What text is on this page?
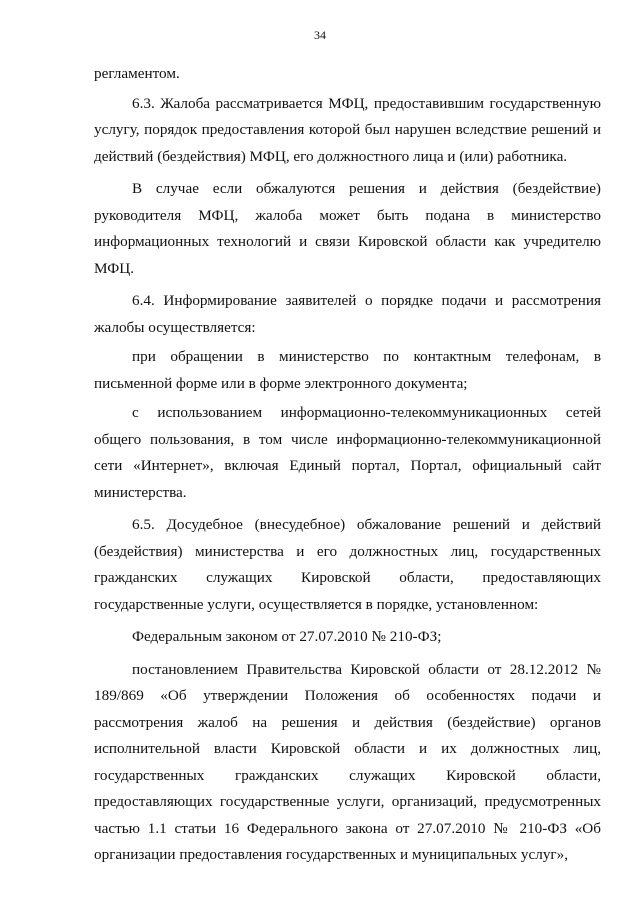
34

регламентом.

6.3. Жалоба рассматривается МФЦ, предоставившим государственную услугу, порядок предоставления которой был нарушен вследствие решений и действий (бездействия) МФЦ, его должностного лица и (или) работника.

В случае если обжалуются решения и действия (бездействие) руководителя МФЦ, жалоба может быть подана в министерство информационных технологий и связи Кировской области как учредителю МФЦ.

6.4. Информирование заявителей о порядке подачи и рассмотрения жалобы осуществляется:

при обращении в министерство по контактным телефонам, в письменной форме или в форме электронного документа;

с использованием информационно-телекоммуникационных сетей общего пользования, в том числе информационно-телекоммуникационной сети «Интернет», включая Единый портал, Портал, официальный сайт министерства.

6.5. Досудебное (внесудебное) обжалование решений и действий (бездействия) министерства и его должностных лиц, государственных гражданских служащих Кировской области, предоставляющих государственные услуги, осуществляется в порядке, установленном:

Федеральным законом от 27.07.2010 № 210-ФЗ;

постановлением Правительства Кировской области от 28.12.2012 № 189/869 «Об утверждении Положения об особенностях подачи и рассмотрения жалоб на решения и действия (бездействие) органов исполнительной власти Кировской области и их должностных лиц, государственных гражданских служащих Кировской области, предоставляющих государственные услуги, организаций, предусмотренных частью 1.1 статьи 16 Федерального закона от 27.07.2010 № 210-ФЗ «Об организации предоставления государственных и муниципальных услуг»,
